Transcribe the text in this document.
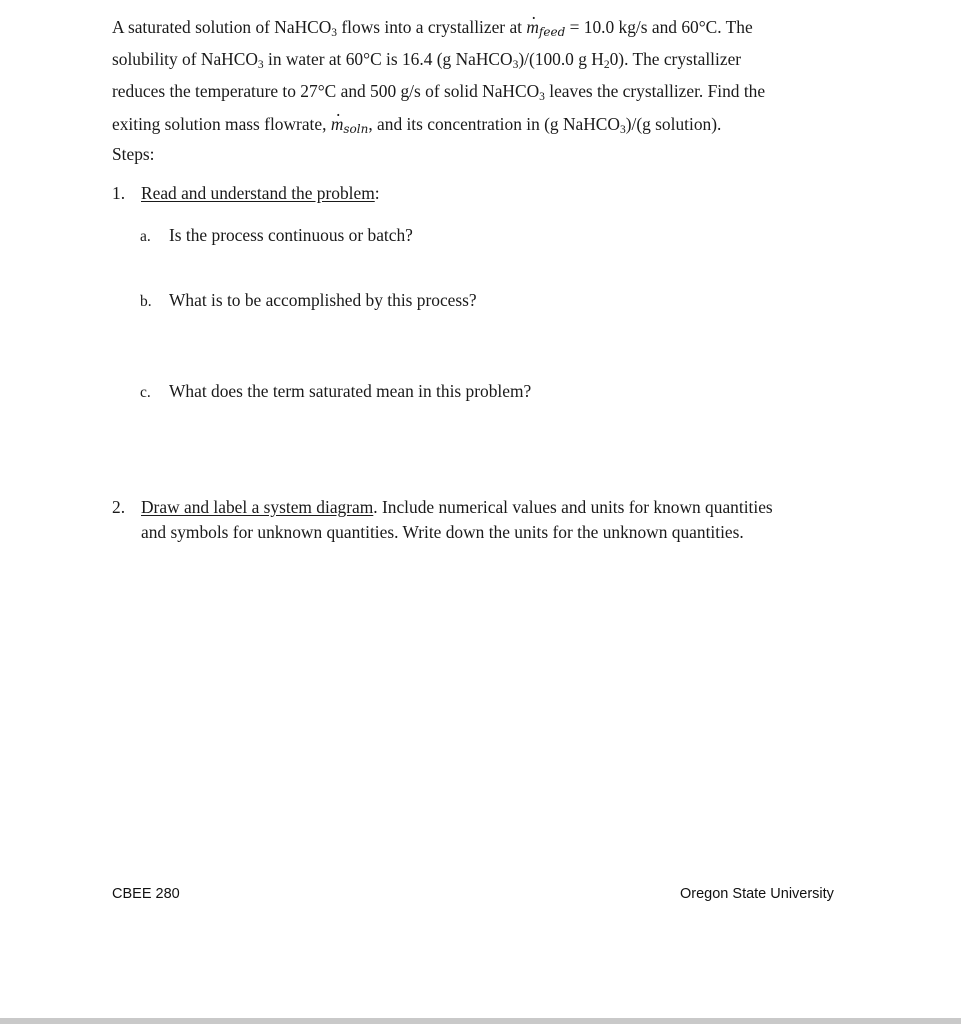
A saturated solution of NaHCO3 flows into a crystallizer at · mfeed = 10.0 kg/s and 60°C. The
solubility of NaHCO3 in water at 60°C is 16.4 (g NaHCO3)/(100.0 g H20). The crystallizer
reduces the temperature to 27°C and 500 g/s of solid NaHCO3 leaves the crystallizer. Find the
exiting solution mass flowrate, · msoln, and its concentration in (g NaHCO3)/(g solution).
Steps:
1. Read and understand the problem:
a. Is the process continuous or batch?
b. What is to be accomplished by this process?
c. What does the term saturated mean in this problem?
2. Draw and label a system diagram. Include numerical values and units for known quantities
and symbols for unknown quantities. Write down the units for the unknown quantities.
CBEE 280	Oregon State University
